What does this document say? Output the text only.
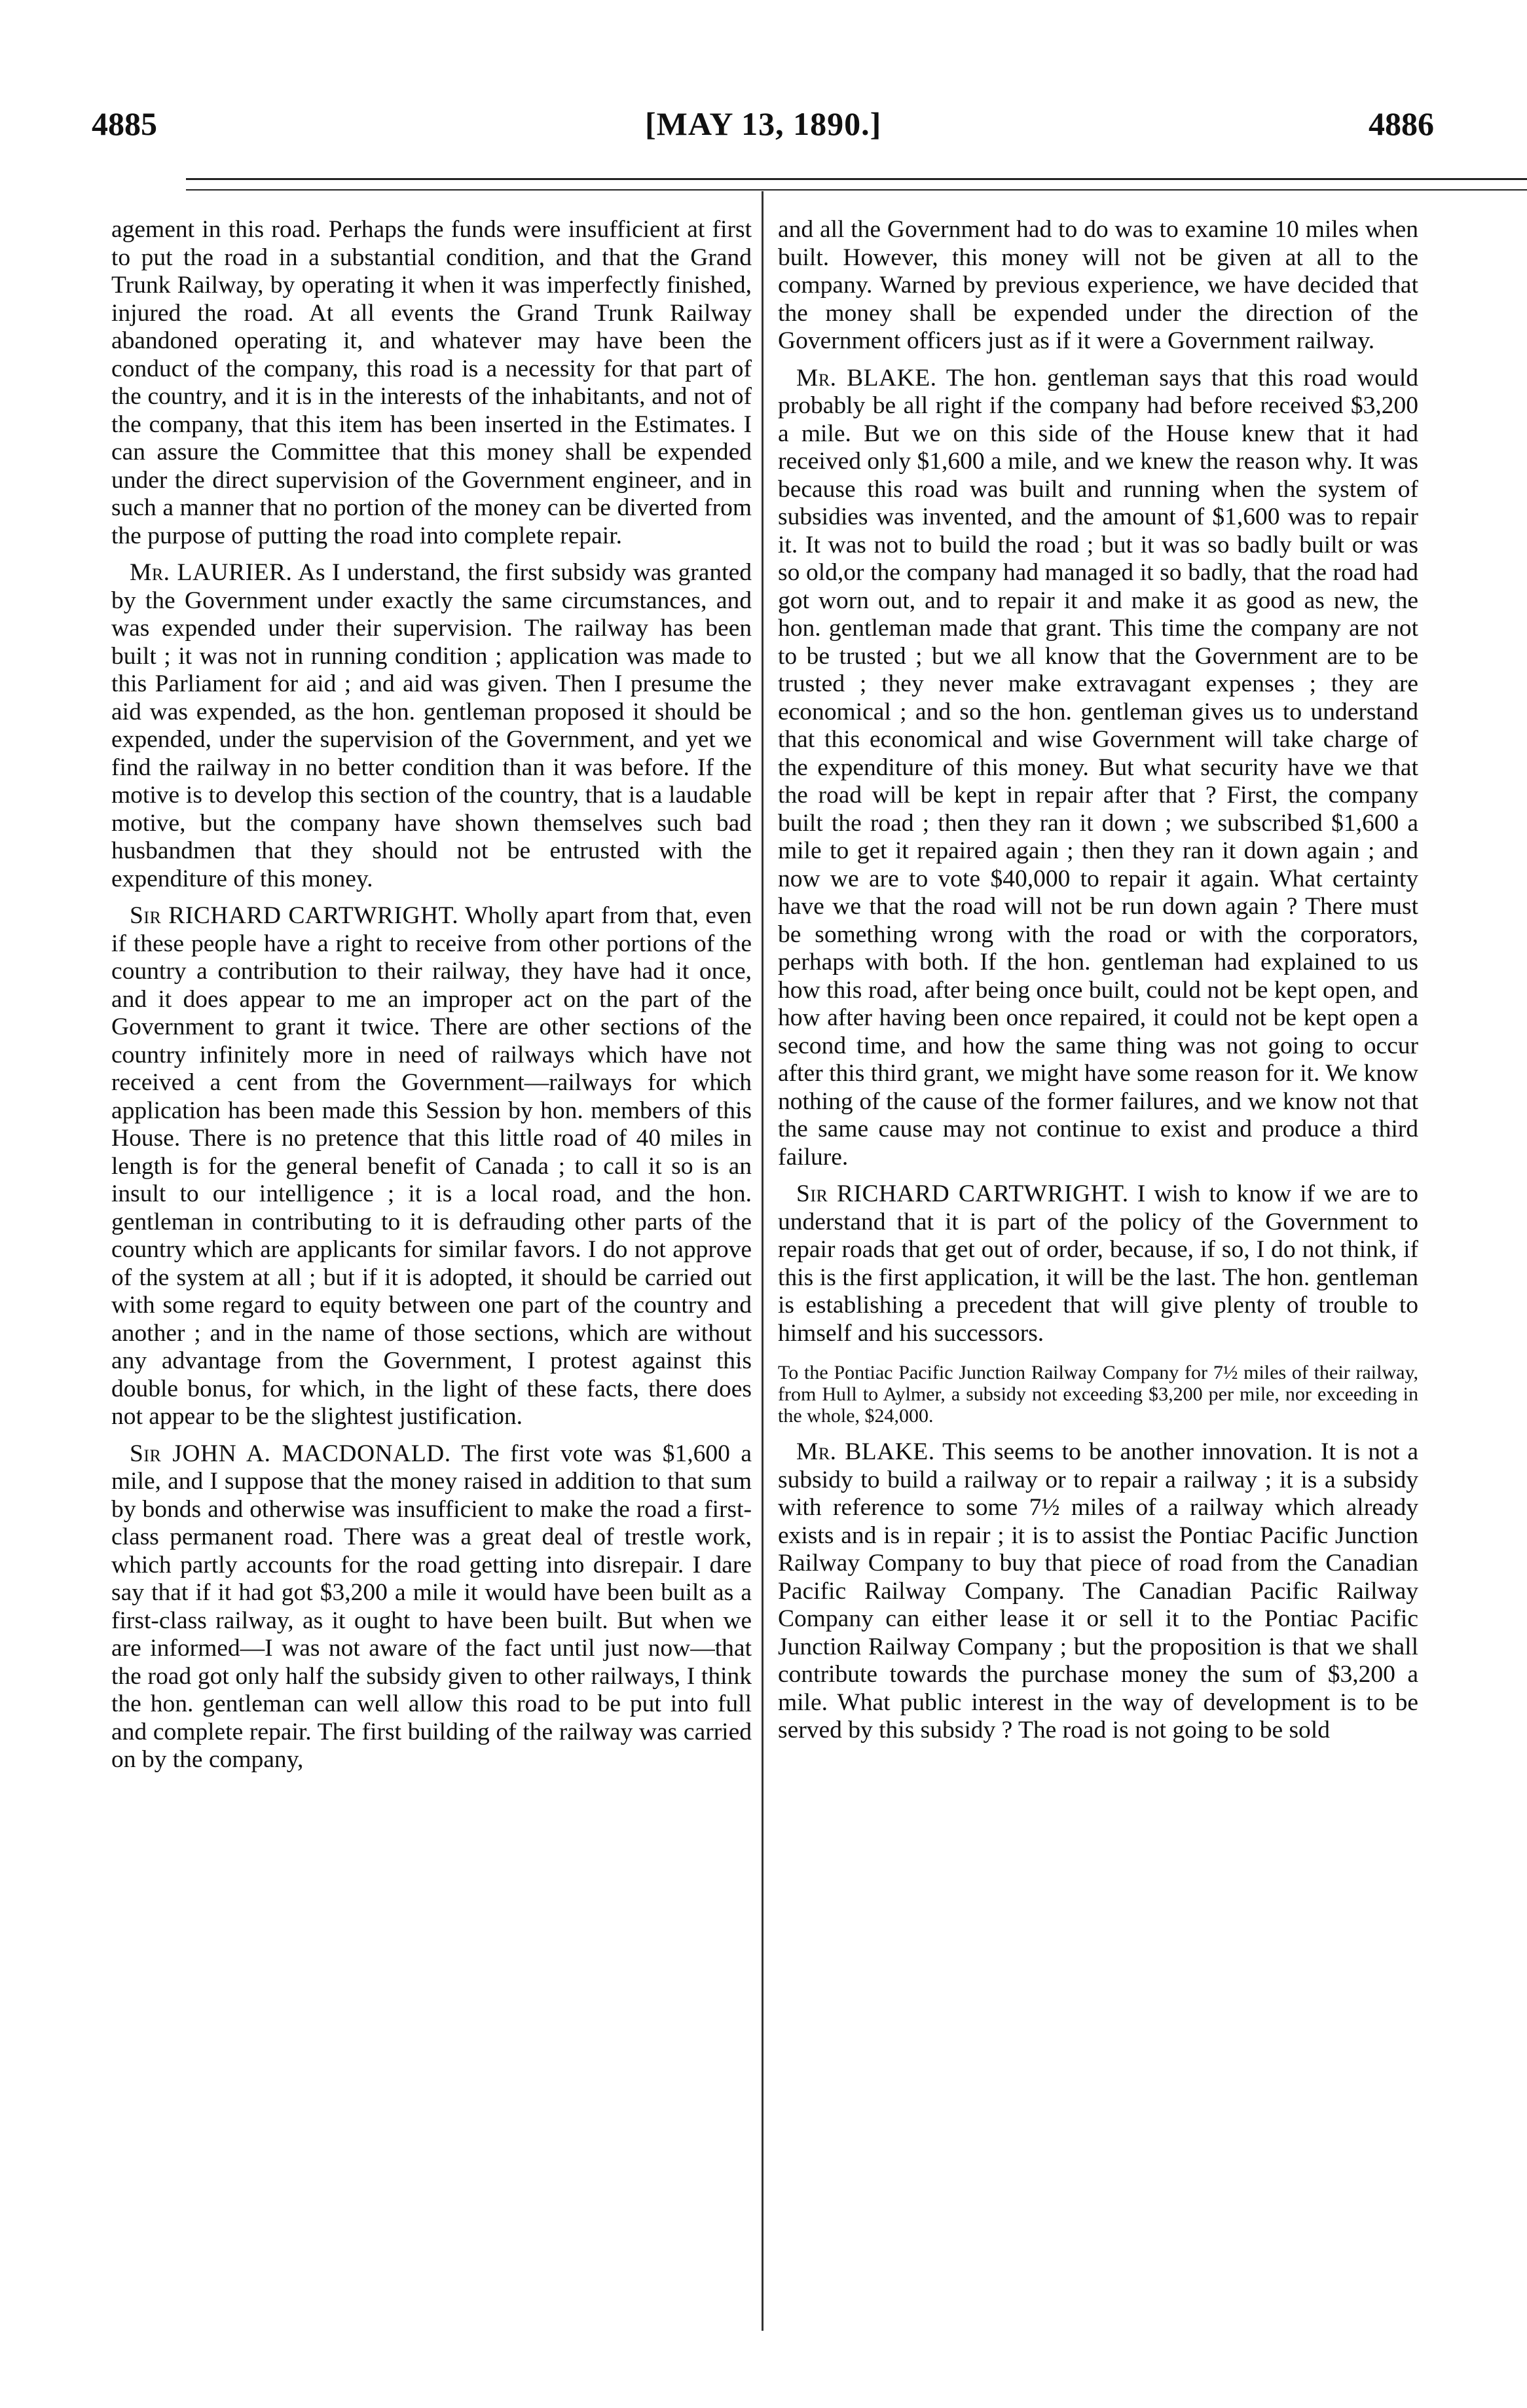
4885	[MAY 13, 1890.]	4886

agement in this road. Perhaps the funds were insufficient at first to put the road in a substantial condition, and that the Grand Trunk Railway, by operating it when it was imperfectly finished, injured the road. At all events the Grand Trunk Railway abandoned operating it, and whatever may have been the conduct of the company, this road is a necessity for that part of the country, and it is in the interests of the inhabitants, and not of the company, that this item has been inserted in the Estimates. I can assure the Committee that this money shall be expended under the direct supervision of the Government engineer, and in such a manner that no portion of the money can be diverted from the purpose of putting the road into complete repair.

Mr. LAURIER. As I understand, the first subsidy was granted by the Government under exactly the same circumstances, and was expended under their supervision. The railway has been built ; it was not in running condition ; application was made to this Parliament for aid ; and aid was given. Then I presume the aid was expended, as the hon. gentleman proposed it should be expended, under the supervision of the Government, and yet we find the railway in no better condition than it was before. If the motive is to develop this section of the country, that is a laudable motive, but the company have shown themselves such bad husbandmen that they should not be entrusted with the expenditure of this money.

Sir RICHARD CARTWRIGHT. Wholly apart from that, even if these people have a right to receive from other portions of the country a contribution to their railway, they have had it once, and it does appear to me an improper act on the part of the Government to grant it twice. There are other sections of the country infinitely more in need of railways which have not received a cent from the Government—railways for which application has been made this Session by hon. members of this House. There is no pretence that this little road of 40 miles in length is for the general benefit of Canada ; to call it so is an insult to our intelligence ; it is a local road, and the hon. gentleman in contributing to it is defrauding other parts of the country which are applicants for similar favors. I do not approve of the system at all ; but if it is adopted, it should be carried out with some regard to equity between one part of the country and another ; and in the name of those sections, which are without any advantage from the Government, I protest against this double bonus, for which, in the light of these facts, there does not appear to be the slightest justification.

Sir JOHN A. MACDONALD. The first vote was $1,600 a mile, and I suppose that the money raised in addition to that sum by bonds and otherwise was insufficient to make the road a first-class permanent road. There was a great deal of trestle work, which partly accounts for the road getting into disrepair. I dare say that if it had got $3,200 a mile it would have been built as a first-class railway, as it ought to have been built. But when we are informed—I was not aware of the fact until just now—that the road got only half the subsidy given to other railways, I think the hon. gentleman can well allow this road to be put into full and complete repair. The first building of the railway was carried on by the company,

and all the Government had to do was to examine 10 miles when built. However, this money will not be given at all to the company. Warned by previous experience, we have decided that the money shall be expended under the direction of the Government officers just as if it were a Government railway.

Mr. BLAKE. The hon. gentleman says that this road would probably be all right if the company had before received $3,200 a mile. But we on this side of the House knew that it had received only $1,600 a mile, and we knew the reason why. It was because this road was built and running when the system of subsidies was invented, and the amount of $1,600 was to repair it. It was not to build the road ; but it was so badly built or was so old,or the company had managed it so badly, that the road had got worn out, and to repair it and make it as good as new, the hon. gentleman made that grant. This time the company are not to be trusted ; but we all know that the Government are to be trusted ; they never make extravagant expenses ; they are economical ; and so the hon. gentleman gives us to understand that this economical and wise Government will take charge of the expenditure of this money. But what security have we that the road will be kept in repair after that ? First, the company built the road ; then they ran it down ; we subscribed $1,600 a mile to get it repaired again ; then they ran it down again ; and now we are to vote $40,000 to repair it again. What certainty have we that the road will not be run down again ? There must be something wrong with the road or with the corporators, perhaps with both. If the hon. gentleman had explained to us how this road, after being once built, could not be kept open, and how after having been once repaired, it could not be kept open a second time, and how the same thing was not going to occur after this third grant, we might have some reason for it. We know nothing of the cause of the former failures, and we know not that the same cause may not continue to exist and produce a third failure.

Sir RICHARD CARTWRIGHT. I wish to know if we are to understand that it is part of the policy of the Government to repair roads that get out of order, because, if so, I do not think, if this is the first application, it will be the last. The hon. gentleman is establishing a precedent that will give plenty of trouble to himself and his successors.

To the Pontiac Pacific Junction Railway Company for 7½ miles of their railway, from Hull to Aylmer, a subsidy not exceeding $3,200 per mile, nor exceeding in the whole, $24,000.

Mr. BLAKE. This seems to be another innovation. It is not a subsidy to build a railway or to repair a railway ; it is a subsidy with reference to some 7½ miles of a railway which already exists and is in repair ; it is to assist the Pontiac Pacific Junction Railway Company to buy that piece of road from the Canadian Pacific Railway Company. The Canadian Pacific Railway Company can either lease it or sell it to the Pontiac Pacific Junction Railway Company ; but the proposition is that we shall contribute towards the purchase money the sum of $3,200 a mile. What public interest in the way of development is to be served by this subsidy ? The road is not going to be sold
